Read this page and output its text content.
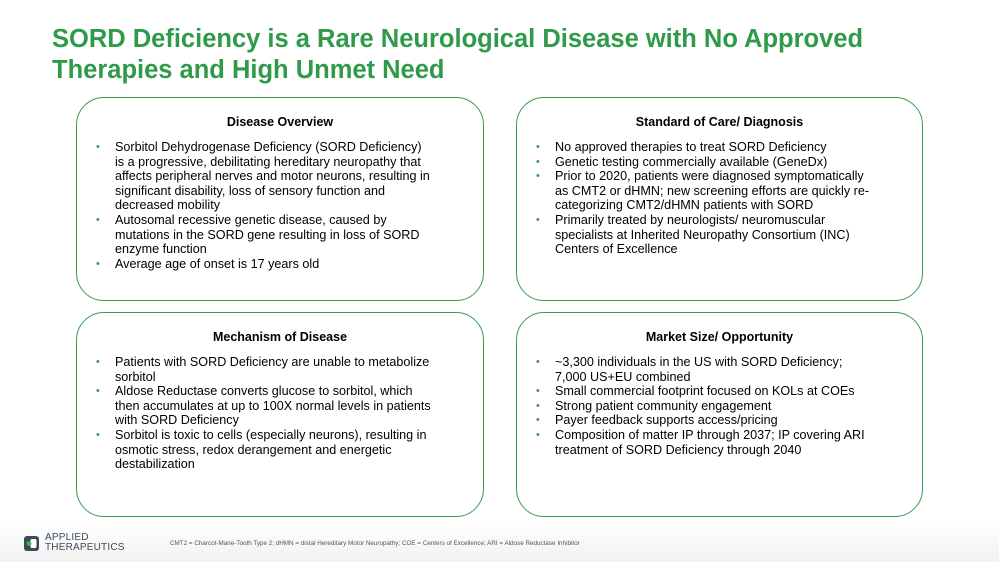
SORD Deficiency is a Rare Neurological Disease with No Approved
Therapies and High Unmet Need
Disease Overview
• Sorbitol Dehydrogenase Deficiency (SORD Deficiency)
is a progressive, debilitating hereditary neuropathy that
affects peripheral nerves and motor neurons, resulting in
significant disability, loss of sensory function and
decreased mobility
• Autosomal recessive genetic disease, caused by
mutations in the SORD gene resulting in loss of SORD
enzyme function
• Average age of onset is 17 years old
Standard of Care/ Diagnosis
• No approved therapies to treat SORD Deficiency
• Genetic testing commercially available (GeneDx)
• Prior to 2020, patients were diagnosed symptomatically
as CMT2 or dHMN; new screening efforts are quickly re-
categorizing CMT2/dHMN patients with SORD
• Primarily treated by neurologists/ neuromuscular
specialists at Inherited Neuropathy Consortium (INC)
Centers of Excellence
Mechanism of Disease
• Patients with SORD Deficiency are unable to metabolize
sorbitol
• Aldose Reductase converts glucose to sorbitol, which
then accumulates at up to 100X normal levels in patients
with SORD Deficiency
• Sorbitol is toxic to cells (especially neurons), resulting in
osmotic stress, redox derangement and energetic
destabilization
Market Size/ Opportunity
• ~3,300 individuals in the US with SORD Deficiency;
7,000 US+EU combined
• Small commercial footprint focused on KOLs at COEs
• Strong patient community engagement
• Payer feedback supports access/pricing
• Composition of matter IP through 2037; IP covering ARI
treatment of SORD Deficiency through 2040
APPLIED
THERAPEUTICS	CMT2 = Charcot-Marie-Tooth Type 2; dHMN = distal Hereditary Motor Neuropathy; COE = Centers of Excellence; ARI = Aldose Reductase Inhibitor
